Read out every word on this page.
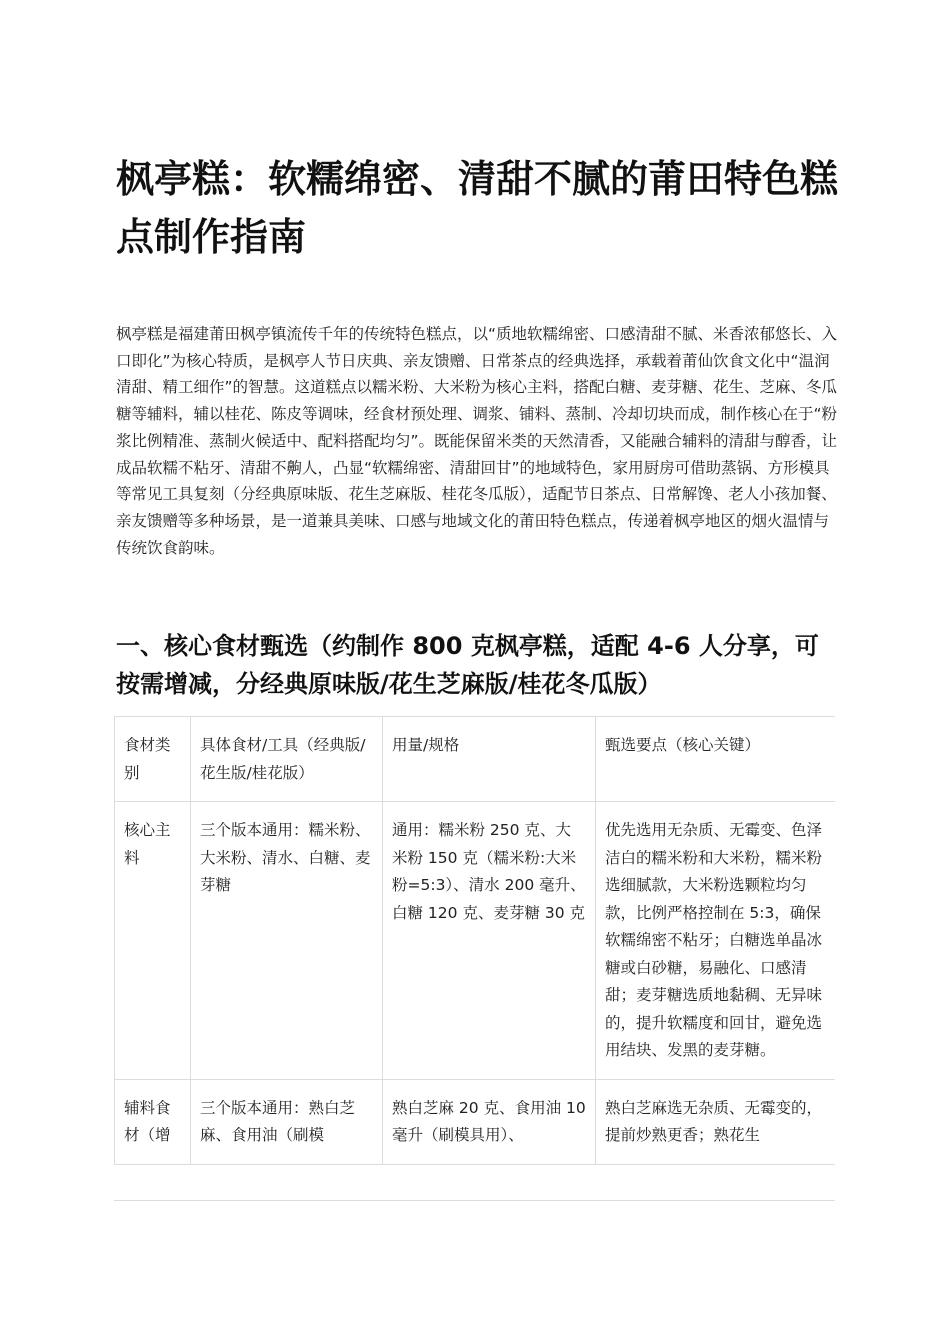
枫亭糕：软糯绵密、清甜不腻的莆田特色糕点制作指南

枫亭糕是福建莆田枫亭镇流传千年的传统特色糕点，以“质地软糯绵密、口感清甜不腻、米香浓郁悠长、入口即化”为核心特质，是枫亭人节日庆典、亲友馈赠、日常茶点的经典选择，承载着莆仙饮食文化中“温润清甜、精工细作”的智慧。这道糕点以糯米粉、大米粉为核心主料，搭配白糖、麦芽糖、花生、芝麻、冬瓜糖等辅料，辅以桂花、陈皮等调味，经食材预处理、调浆、铺料、蒸制、冷却切块而成，制作核心在于“粉浆比例精准、蒸制火候适中、配料搭配均匀”。既能保留米类的天然清香，又能融合辅料的清甜与醇香，让成品软糯不粘牙、清甜不齁人，凸显“软糯绵密、清甜回甘”的地域特色，家用厨房可借助蒸锅、方形模具等常见工具复刻（分经典原味版、花生芝麻版、桂花冬瓜版），适配节日茶点、日常解馋、老人小孩加餐、亲友馈赠等多种场景，是一道兼具美味、口感与地域文化的莆田特色糕点，传递着枫亭地区的烟火温情与传统饮食韵味。

一、核心食材甄选（约制作 800 克枫亭糕，适配 4-6 人分享，可按需增减，分经典原味版/花生芝麻版/桂花冬瓜版）
食材类别	具体食材/工具（经典版/花生版/桂花版）	用量/规格	甄选要点（核心关键）
核心主料	三个版本通用：糯米粉、大米粉、清水、白糖、麦芽糖	通用：糯米粉 250 克、大米粉 150 克（糯米粉:大米粉=5:3）、清水 200 毫升、白糖 120 克、麦芽糖 30 克	优先选用无杂质、无霉变、色泽洁白的糯米粉和大米粉，糯米粉选细腻款，大米粉选颗粒均匀款，比例严格控制在 5:3，确保软糯绵密不粘牙；白糖选单晶冰糖或白砂糖，易融化、口感清甜；麦芽糖选质地黏稠、无异味的，提升软糯度和回甘，避免选用结块、发黑的麦芽糖。
辅料食材（增	三个版本通用：熟白芝麻、食用油（刷模	熟白芝麻 20 克、食用油 10 毫升（刷模具用）、	熟白芝麻选无杂质、无霉变的，提前炒熟更香；熟花生
